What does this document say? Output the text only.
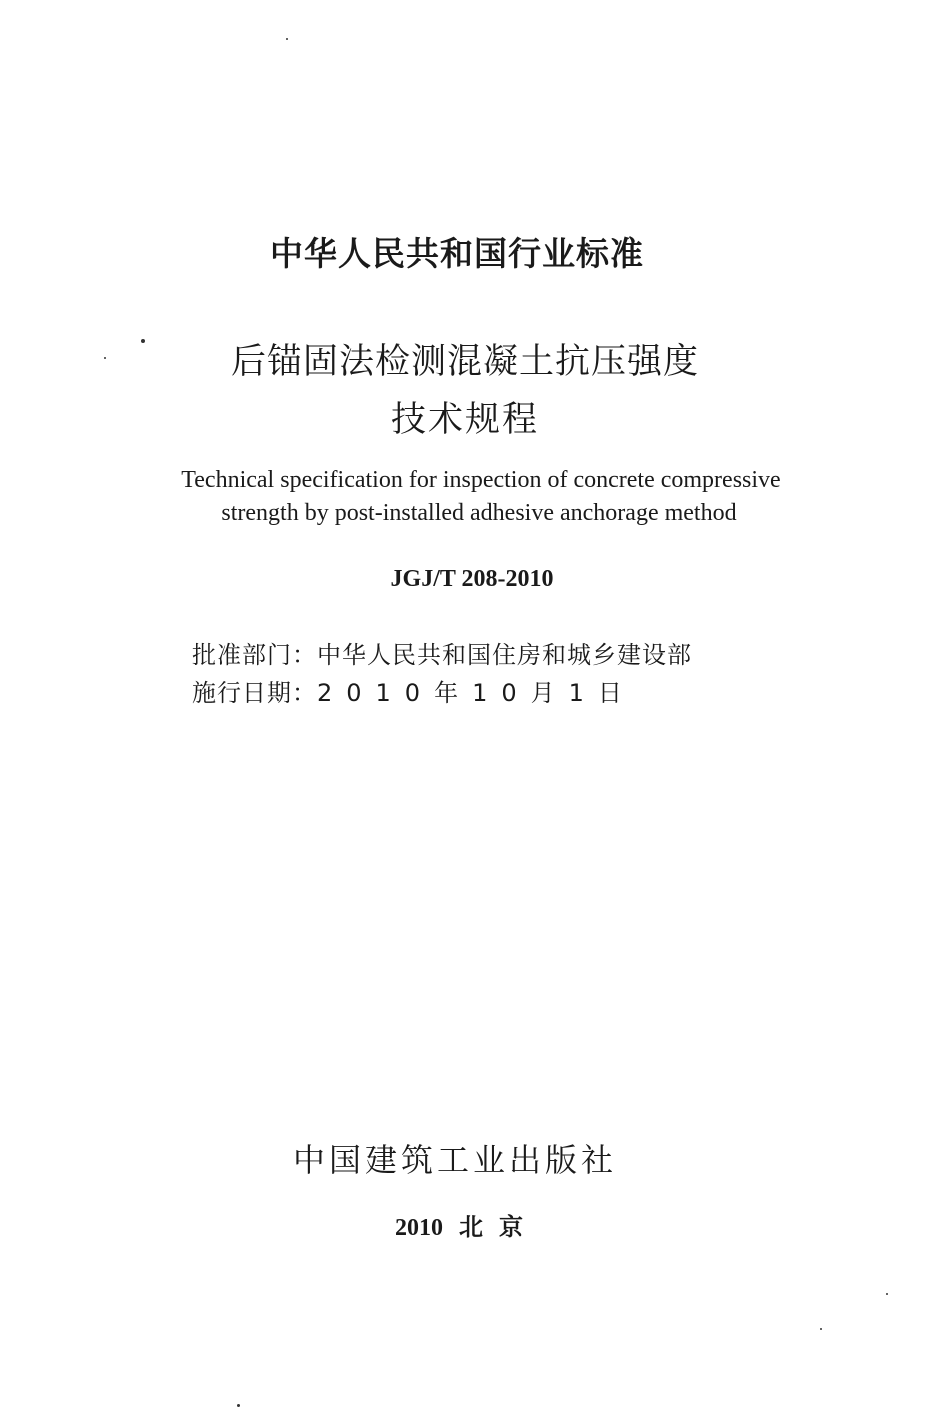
中华人民共和国行业标准
后锚固法检测混凝土抗压强度
技术规程
Technical specification for inspection of concrete compressive
strength by post-installed adhesive anchorage method
JGJ/T 208-2010
批准部门：中华人民共和国住房和城乡建设部
施行日期：2010年10月1日
中国建筑工业出版社
2010 北 京
